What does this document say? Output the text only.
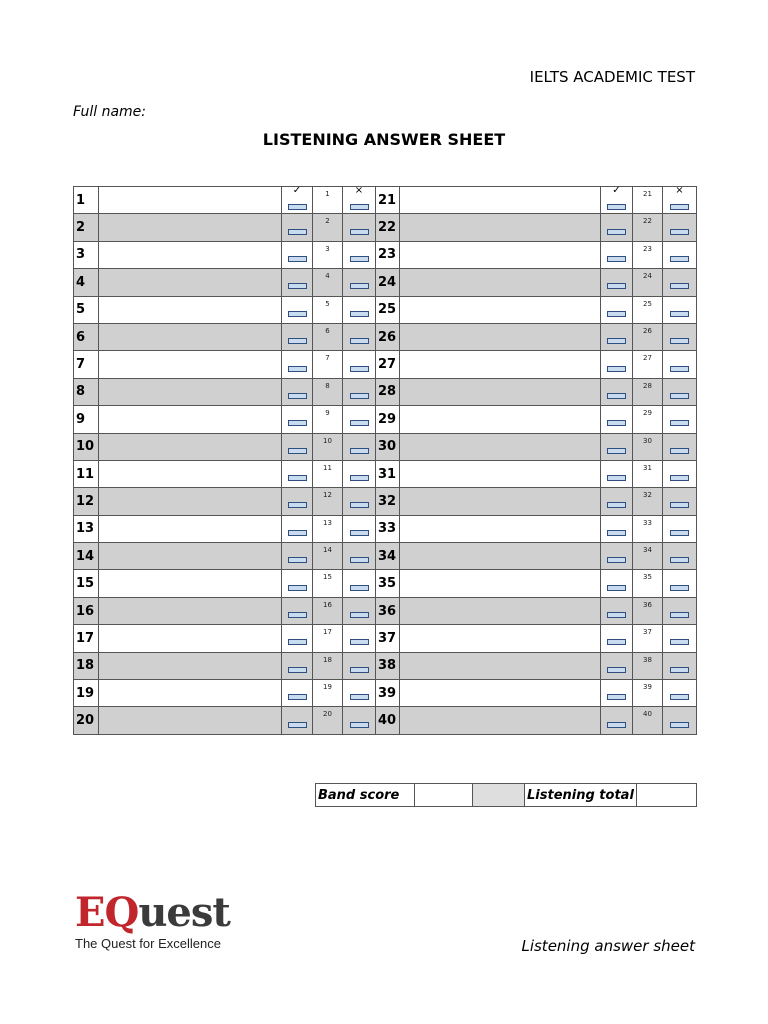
IELTS ACADEMIC TEST
Full name:
LISTENING ANSWER SHEET
1		✓	1	×	21		✓	21	×

2			2		22			22	
3			3		23			23	
4			4		24			24	
5			5		25			25	
6			6		26			26	
7			7		27			27	
8			8		28			28	
9			9		29			29	
10			10		30			30	
11			11		31			31	
12			12		32			32	
13			13		33			33	
14			14		34			34	
15			15		35			35	
16			16		36			36	
17			17		37			37	
18			18		38			38	
19			19		39			39	
20			20		40			40	
Band score			Listening total	
EQuest
The Quest for Excellence	Listening answer sheet
